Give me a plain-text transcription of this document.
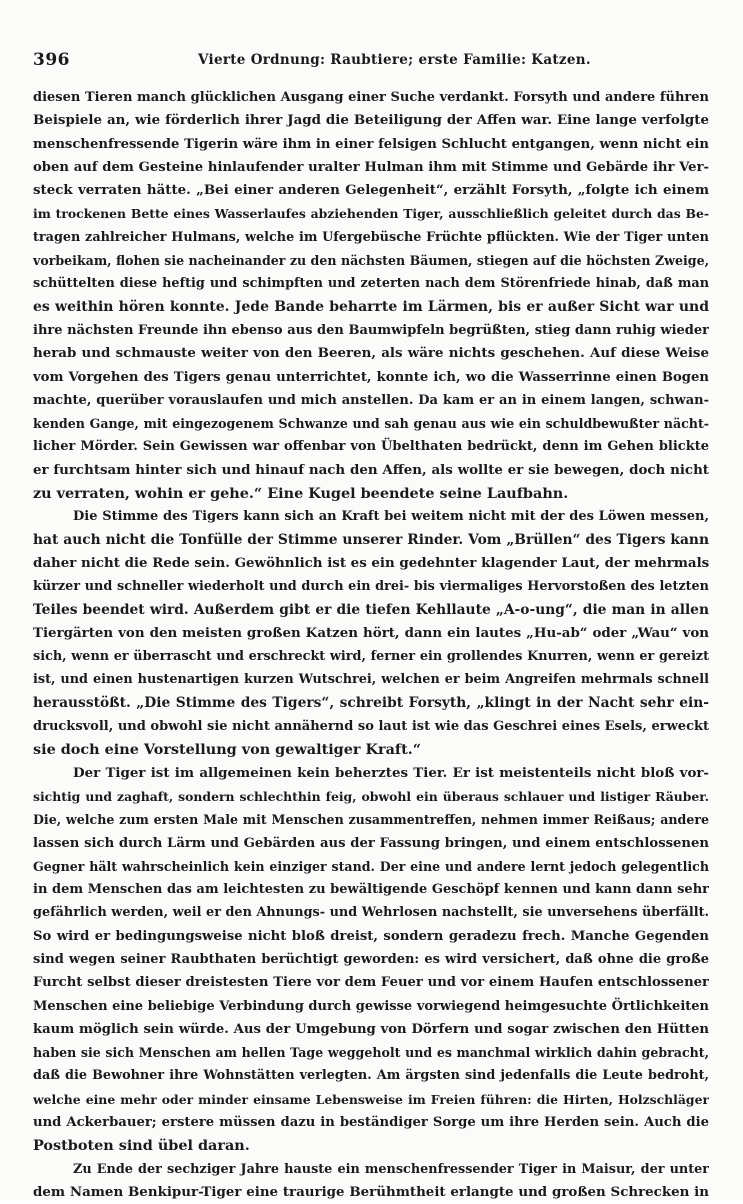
396	Vierte Ordnung: Raubtiere; erste Familie: Katzen.
diesen Tieren manch glücklichen Ausgang einer Suche verdankt. Forsyth und andere führen
Beispiele an, wie förderlich ihrer Jagd die Beteiligung der Affen war. Eine lange verfolgte
menschenfressende Tigerin wäre ihm in einer felsigen Schlucht entgangen, wenn nicht ein
oben auf dem Gesteine hinlaufender uralter Hulman ihm mit Stimme und Gebärde ihr Ver-
steck verraten hätte. „Bei einer anderen Gelegenheit“, erzählt Forsyth, „folgte ich einem
im trockenen Bette eines Wasserlaufes abziehenden Tiger, ausschließlich geleitet durch das Be-
tragen zahlreicher Hulmans, welche im Ufergebüsche Früchte pflückten. Wie der Tiger unten
vorbeikam, flohen sie nacheinander zu den nächsten Bäumen, stiegen auf die höchsten Zweige,
schüttelten diese heftig und schimpften und zeterten nach dem Störenfriede hinab, daß man
es weithin hören konnte. Jede Bande beharrte im Lärmen, bis er außer Sicht war und
ihre nächsten Freunde ihn ebenso aus den Baumwipfeln begrüßten, stieg dann ruhig wieder
herab und schmauste weiter von den Beeren, als wäre nichts geschehen. Auf diese Weise
vom Vorgehen des Tigers genau unterrichtet, konnte ich, wo die Wasserrinne einen Bogen
machte, querüber vorauslaufen und mich anstellen. Da kam er an in einem langen, schwan-
kenden Gange, mit eingezogenem Schwanze und sah genau aus wie ein schuldbewußter nächt-
licher Mörder. Sein Gewissen war offenbar von Übelthaten bedrückt, denn im Gehen blickte
er furchtsam hinter sich und hinauf nach den Affen, als wollte er sie bewegen, doch nicht
zu verraten, wohin er gehe.“ Eine Kugel beendete seine Laufbahn.
Die Stimme des Tigers kann sich an Kraft bei weitem nicht mit der des Löwen messen,
hat auch nicht die Tonfülle der Stimme unserer Rinder. Vom „Brüllen“ des Tigers kann
daher nicht die Rede sein. Gewöhnlich ist es ein gedehnter klagender Laut, der mehrmals
kürzer und schneller wiederholt und durch ein drei- bis viermaliges Hervorstoßen des letzten
Teiles beendet wird. Außerdem gibt er die tiefen Kehllaute „A-o-ung“, die man in allen
Tiergärten von den meisten großen Katzen hört, dann ein lautes „Hu-ab“ oder „Wau“ von
sich, wenn er überrascht und erschreckt wird, ferner ein grollendes Knurren, wenn er gereizt
ist, und einen hustenartigen kurzen Wutschrei, welchen er beim Angreifen mehrmals schnell
herausstößt. „Die Stimme des Tigers“, schreibt Forsyth, „klingt in der Nacht sehr ein-
drucksvoll, und obwohl sie nicht annähernd so laut ist wie das Geschrei eines Esels, erweckt
sie doch eine Vorstellung von gewaltiger Kraft.“
Der Tiger ist im allgemeinen kein beherztes Tier. Er ist meistenteils nicht bloß vor-
sichtig und zaghaft, sondern schlechthin feig, obwohl ein überaus schlauer und listiger Räuber.
Die, welche zum ersten Male mit Menschen zusammentreffen, nehmen immer Reißaus; andere
lassen sich durch Lärm und Gebärden aus der Fassung bringen, und einem entschlossenen
Gegner hält wahrscheinlich kein einziger stand. Der eine und andere lernt jedoch gelegentlich
in dem Menschen das am leichtesten zu bewältigende Geschöpf kennen und kann dann sehr
gefährlich werden, weil er den Ahnungs- und Wehrlosen nachstellt, sie unversehens überfällt.
So wird er bedingungsweise nicht bloß dreist, sondern geradezu frech. Manche Gegenden
sind wegen seiner Raubthaten berüchtigt geworden: es wird versichert, daß ohne die große
Furcht selbst dieser dreistesten Tiere vor dem Feuer und vor einem Haufen entschlossener
Menschen eine beliebige Verbindung durch gewisse vorwiegend heimgesuchte Örtlichkeiten
kaum möglich sein würde. Aus der Umgebung von Dörfern und sogar zwischen den Hütten
haben sie sich Menschen am hellen Tage weggeholt und es manchmal wirklich dahin gebracht,
daß die Bewohner ihre Wohnstätten verlegten. Am ärgsten sind jedenfalls die Leute bedroht,
welche eine mehr oder minder einsame Lebensweise im Freien führen: die Hirten, Holzschläger
und Ackerbauer; erstere müssen dazu in beständiger Sorge um ihre Herden sein. Auch die
Postboten sind übel daran.
Zu Ende der sechziger Jahre hauste ein menschenfressender Tiger in Maisur, der unter
dem Namen Benkipur-Tiger eine traurige Berühmtheit erlangte und großen Schrecken in
